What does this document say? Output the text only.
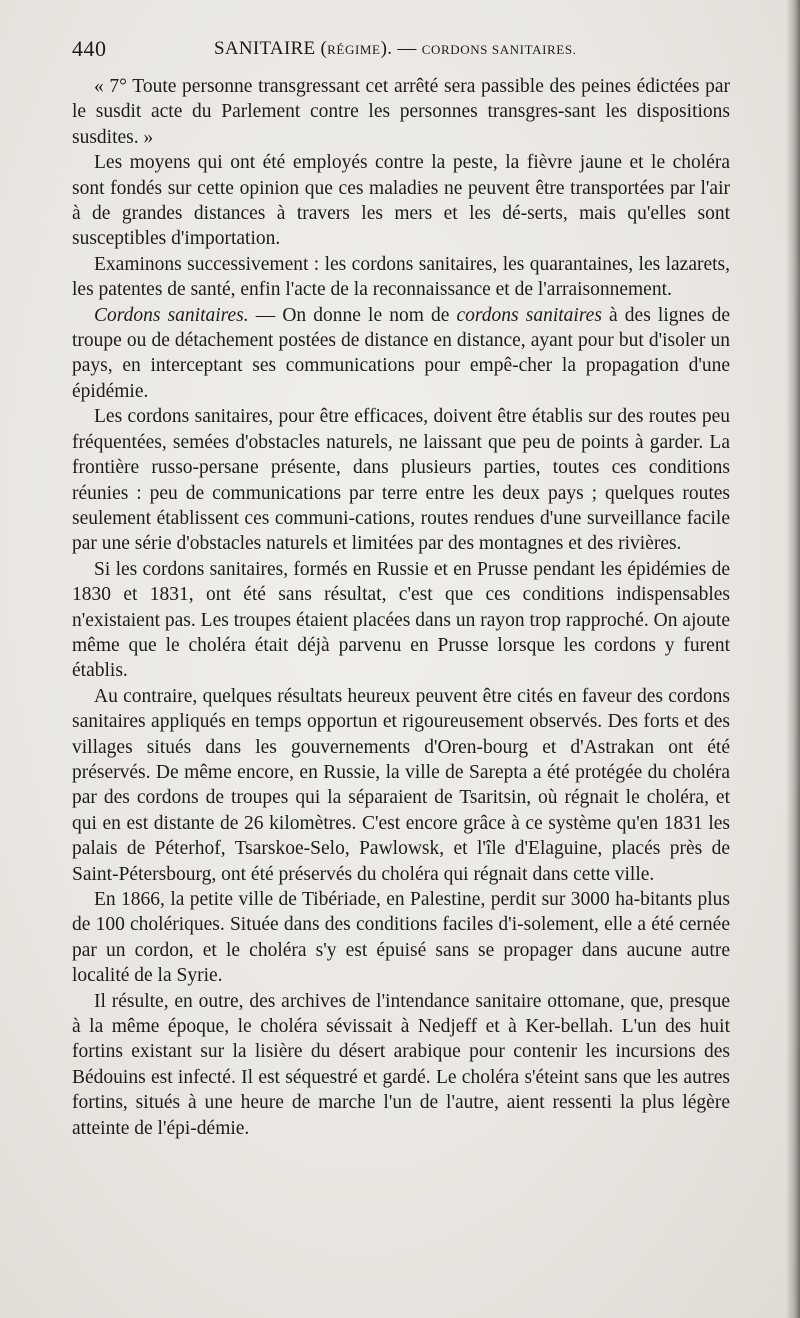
440	SANITAIRE (RÉGIME). — CORDONS SANITAIRES.

« 7° Toute personne transgressant cet arrêté sera passible des peines édictées par le susdit acte du Parlement contre les personnes transgres-sant les dispositions susdites. »

Les moyens qui ont été employés contre la peste, la fièvre jaune et le choléra sont fondés sur cette opinion que ces maladies ne peuvent être transportées par l'air à de grandes distances à travers les mers et les dé-serts, mais qu'elles sont susceptibles d'importation.

Examinons successivement : les cordons sanitaires, les quarantaines, les lazarets, les patentes de santé, enfin l'acte de la reconnaissance et de l'arraisonnement.

Cordons sanitaires. — On donne le nom de cordons sanitaires à des lignes de troupe ou de détachement postées de distance en distance, ayant pour but d'isoler un pays, en interceptant ses communications pour empê-cher la propagation d'une épidémie.

Les cordons sanitaires, pour être efficaces, doivent être établis sur des routes peu fréquentées, semées d'obstacles naturels, ne laissant que peu de points à garder. La frontière russo-persane présente, dans plusieurs parties, toutes ces conditions réunies : peu de communications par terre entre les deux pays ; quelques routes seulement établissent ces communi-cations, routes rendues d'une surveillance facile par une série d'obstacles naturels et limitées par des montagnes et des rivières.

Si les cordons sanitaires, formés en Russie et en Prusse pendant les épidémies de 1830 et 1831, ont été sans résultat, c'est que ces conditions indispensables n'existaient pas. Les troupes étaient placées dans un rayon trop rapproché. On ajoute même que le choléra était déjà parvenu en Prusse lorsque les cordons y furent établis.

Au contraire, quelques résultats heureux peuvent être cités en faveur des cordons sanitaires appliqués en temps opportun et rigoureusement observés. Des forts et des villages situés dans les gouvernements d'Oren-bourg et d'Astrakan ont été préservés. De même encore, en Russie, la ville de Sarepta a été protégée du choléra par des cordons de troupes qui la séparaient de Tsaritsin, où régnait le choléra, et qui en est distante de 26 kilomètres. C'est encore grâce à ce système qu'en 1831 les palais de Péterhof, Tsarskoe-Selo, Pawlowsk, et l'île d'Elaguine, placés près de Saint-Pétersbourg, ont été préservés du choléra qui régnait dans cette ville.

En 1866, la petite ville de Tibériade, en Palestine, perdit sur 3000 ha-bitants plus de 100 cholériques. Située dans des conditions faciles d'i-solement, elle a été cernée par un cordon, et le choléra s'y est épuisé sans se propager dans aucune autre localité de la Syrie.

Il résulte, en outre, des archives de l'intendance sanitaire ottomane, que, presque à la même époque, le choléra sévissait à Nedjeff et à Ker-bellah. L'un des huit fortins existant sur la lisière du désert arabique pour contenir les incursions des Bédouins est infecté. Il est séquestré et gardé. Le choléra s'éteint sans que les autres fortins, situés à une heure de marche l'un de l'autre, aient ressenti la plus légère atteinte de l'épi-démie.
